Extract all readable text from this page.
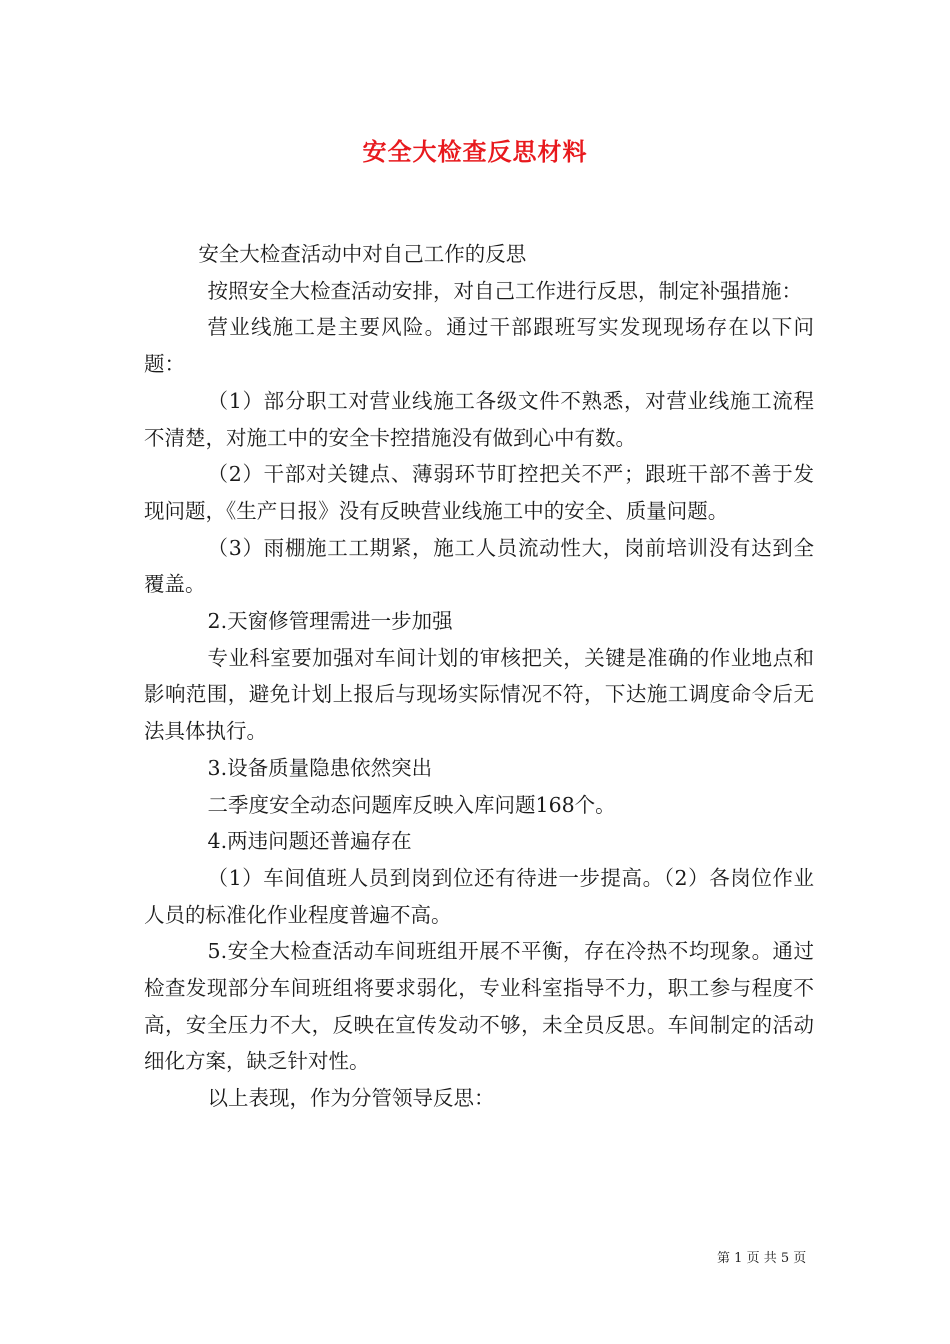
安全大检查反思材料

安全大检查活动中对自己工作的反思

按照安全大检查活动安排，对自己工作进行反思，制定补强措施：

营业线施工是主要风险。通过干部跟班写实发现现场存在以下问题：

（1）部分职工对营业线施工各级文件不熟悉，对营业线施工流程不清楚，对施工中的安全卡控措施没有做到心中有数。

（2）干部对关键点、薄弱环节盯控把关不严；跟班干部不善于发现问题，《生产日报》没有反映营业线施工中的安全、质量问题。

（3）雨棚施工工期紧，施工人员流动性大，岗前培训没有达到全覆盖。

2.天窗修管理需进一步加强

专业科室要加强对车间计划的审核把关，关键是准确的作业地点和影响范围，避免计划上报后与现场实际情况不符，下达施工调度命令后无法具体执行。

3.设备质量隐患依然突出

二季度安全动态问题库反映入库问题168个。

4.两违问题还普遍存在

（1）车间值班人员到岗到位还有待进一步提高。（2）各岗位作业人员的标准化作业程度普遍不高。

5.安全大检查活动车间班组开展不平衡，存在冷热不均现象。通过检查发现部分车间班组将要求弱化，专业科室指导不力，职工参与程度不高，安全压力不大，反映在宣传发动不够，未全员反思。车间制定的活动细化方案，缺乏针对性。

以上表现，作为分管领导反思：

第 1 页 共 5 页
